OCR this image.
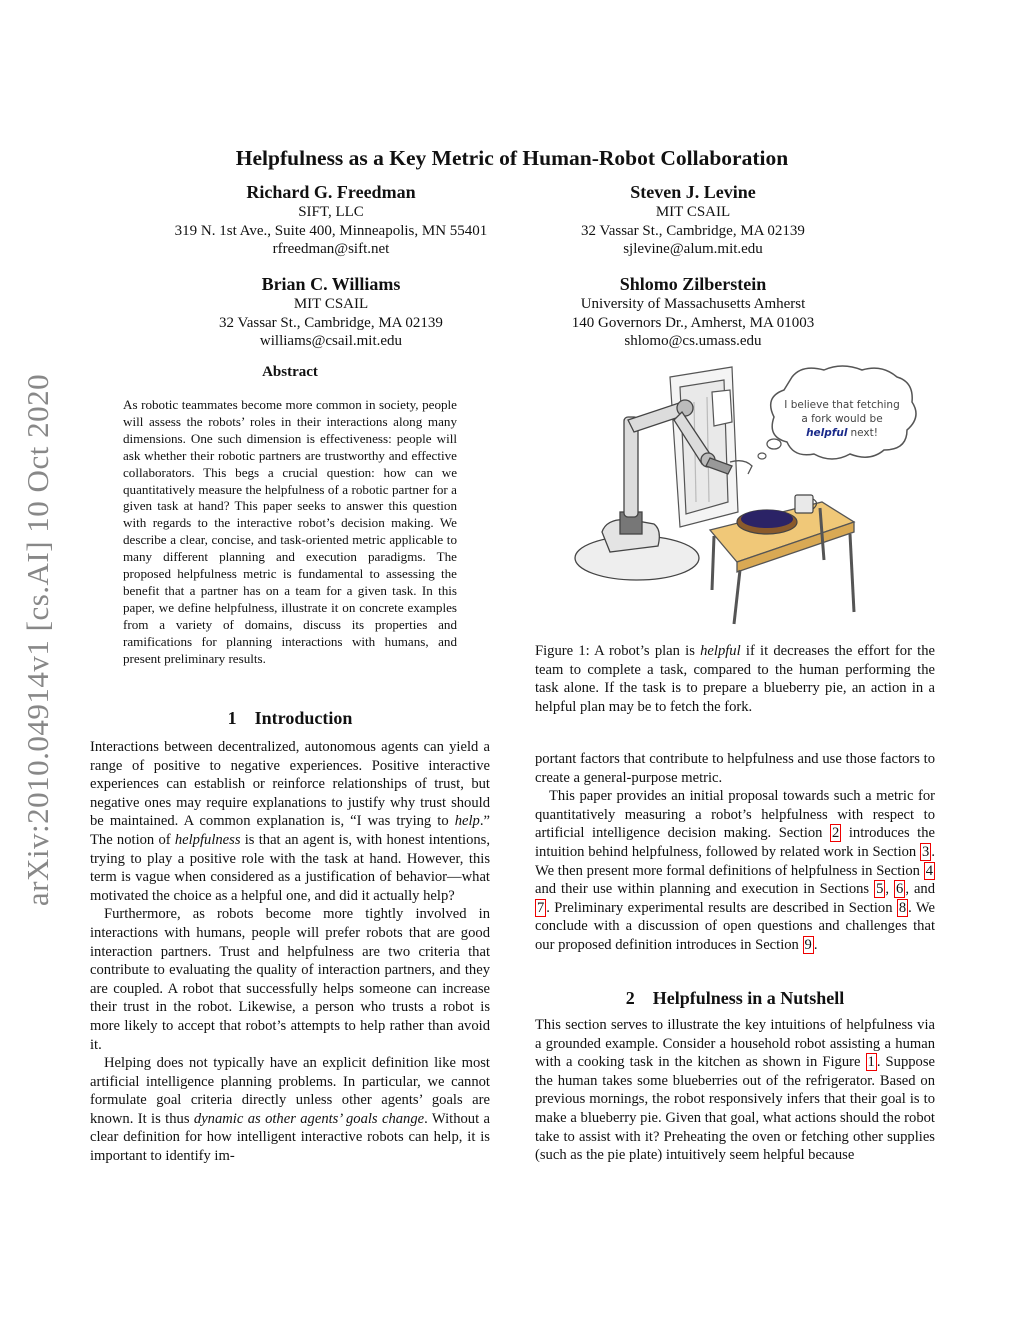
arXiv:2010.04914v1 [cs.AI] 10 Oct 2020
Helpfulness as a Key Metric of Human-Robot Collaboration
Richard G. Freedman
SIFT, LLC
319 N. 1st Ave., Suite 400, Minneapolis, MN 55401
rfreedman@sift.net
Steven J. Levine
MIT CSAIL
32 Vassar St., Cambridge, MA 02139
sjlevine@alum.mit.edu
Brian C. Williams
MIT CSAIL
32 Vassar St., Cambridge, MA 02139
williams@csail.mit.edu
Shlomo Zilberstein
University of Massachusetts Amherst
140 Governors Dr., Amherst, MA 01003
shlomo@cs.umass.edu
Abstract
As robotic teammates become more common in society, people will assess the robots’ roles in their interactions along many dimensions. One such dimension is effectiveness: people will ask whether their robotic partners are trustworthy and effective collaborators. This begs a crucial question: how can we quantitatively measure the helpfulness of a robotic partner for a given task at hand? This paper seeks to answer this question with regards to the interactive robot’s decision making. We describe a clear, concise, and task-oriented metric applicable to many different planning and execution paradigms. The proposed helpfulness metric is fundamental to assessing the benefit that a partner has on a team for a given task. In this paper, we define helpfulness, illustrate it on concrete examples from a variety of domains, discuss its properties and ramifications for planning interactions with humans, and present preliminary results.
1 Introduction

Interactions between decentralized, autonomous agents can yield a range of positive to negative experiences. Positive interactive experiences can establish or reinforce relationships of trust, but negative ones may require explanations to justify why trust should be maintained. A common explanation is, “I was trying to help.” The notion of helpfulness is that an agent is, with honest intentions, trying to play a positive role with the task at hand. However, this term is vague when considered as a justification of behavior—what motivated the choice as a helpful one, and did it actually help?

Furthermore, as robots become more tightly involved in interactions with humans, people will prefer robots that are good interaction partners. Trust and helpfulness are two criteria that contribute to evaluating the quality of interaction partners, and they are coupled. A robot that successfully helps someone can increase their trust in the robot. Likewise, a person who trusts a robot is more likely to accept that robot’s attempts to help rather than avoid it.

Helping does not typically have an explicit definition like most artificial intelligence planning problems. In particular, we cannot formulate goal criteria directly unless other agents’ goals are known. It is thus dynamic as other agents’ goals change. Without a clear definition for how intelligent interactive robots can help, it is important to identify im-

I believe that fetching
a fork would be
helpful next!
Figure 1: A robot’s plan is helpful if it decreases the effort for the team to complete a task, compared to the human performing the task alone. If the task is to prepare a blueberry pie, an action in a helpful plan may be to fetch the fork.

portant factors that contribute to helpfulness and use those factors to create a general-purpose metric.

This paper provides an initial proposal towards such a metric for quantitatively measuring a robot’s helpfulness with respect to artificial intelligence decision making. Section 2 introduces the intuition behind helpfulness, followed by related work in Section 3 . We then present more formal definitions of helpfulness in Section 4 and their use within planning and execution in Sections 5 , 6 , and 7 . Preliminary experimental results are described in Section 8 . We conclude with a discussion of open questions and challenges that our proposed definition introduces in Section 9 .

2 Helpfulness in a Nutshell

This section serves to illustrate the key intuitions of helpfulness via a grounded example. Consider a household robot assisting a human with a cooking task in the kitchen as shown in Figure 1 . Suppose the human takes some blueberries out of the refrigerator. Based on previous mornings, the robot responsively infers that their goal is to make a blueberry pie. Given that goal, what actions should the robot take to assist with it? Preheating the oven or fetching other supplies (such as the pie plate) intuitively seem helpful because
